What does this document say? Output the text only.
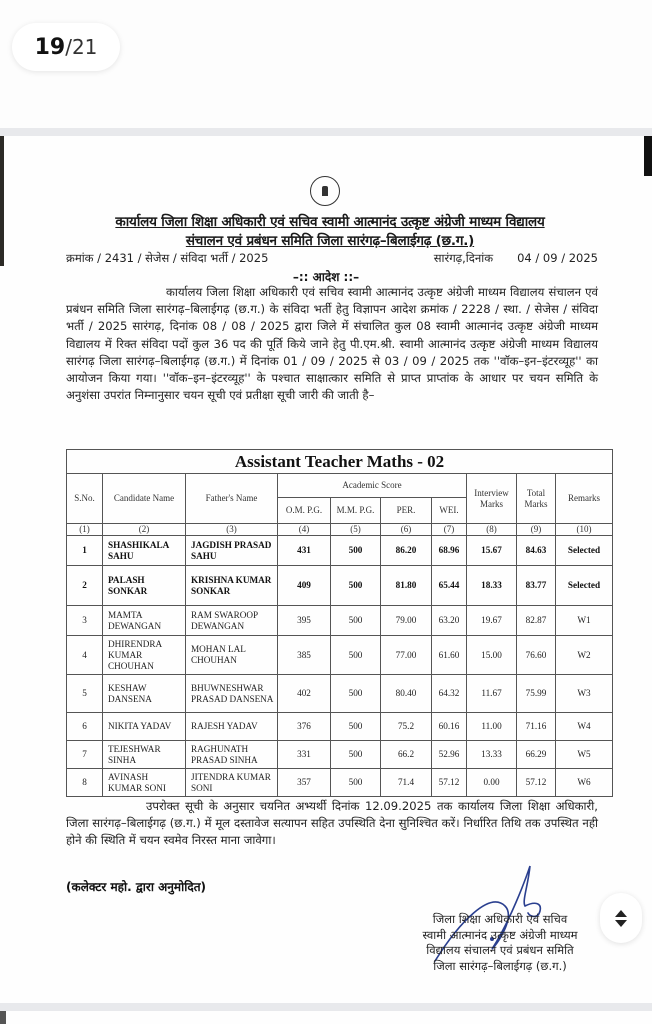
19 / 21
कार्यालय जिला शिक्षा अधिकारी एवं सचिव स्वामी आत्मानंद उत्कृष्ट अंग्रेजी माध्यम विद्यालय
संचालन एवं प्रबंधन समिति जिला सारंगढ़–बिलाईगढ़ (छ.ग.)
क्रमांक / 2431 / सेजेस / संविदा भर्ती / 2025	सारंगढ़,दिनांक 04 / 09 / 2025
–:: आदेश ::–
कार्यालय जिला शिक्षा अधिकारी एवं सचिव स्वामी आत्मानंद उत्कृष्ट अंग्रेजी माध्यम विद्यालय संचालन एवं प्रबंधन समिति जिला सारंगढ़–बिलाईगढ़ (छ.ग.) के संविदा भर्ती हेतु विज्ञापन आदेश क्रमांक / 2228 / स्था. / सेजेस / संविदा भर्ती / 2025 सारंगढ़, दिनांक 08 / 08 / 2025 द्वारा जिले में संचालित कुल 08 स्वामी आत्मानंद उत्कृष्ट अंग्रेजी माध्यम विद्यालय में रिक्त संविदा पदों कुल 36 पद की पूर्ति किये जाने हेतु पी.एम.श्री. स्वामी आत्मानंद उत्कृष्ट अंग्रेजी माध्यम विद्यालय सारंगढ़ जिला सारंगढ़–बिलाईगढ़ (छ.ग.) में दिनांक 01 / 09 / 2025 से 03 / 09 / 2025 तक ''वॉक–इन–इंटरव्यूह'' का आयोजन किया गया। ''वॉक–इन–इंटरव्यूह'' के पश्चात साक्षात्कार समिति से प्राप्त प्राप्तांक के आधार पर चयन समिति के अनुशंसा उपरांत निम्नानुसार चयन सूची एवं प्रतीक्षा सूची जारी की जाती है–
Assistant Teacher Maths - 02									
S.No.	Candidate Name	Father's Name	Academic Score				Interview Marks	Total Marks	Remarks
			O.M. P.G.	M.M. P.G.	PER.	WEI.			
(1)	(2)	(3)	(4)	(5)	(6)	(7)	(8)	(9)	(10)
1	SHASHIKALA SAHU	JAGDISH PRASAD SAHU	431	500	86.20	68.96	15.67	84.63	Selected
2	PALASH SONKAR	KRISHNA KUMAR SONKAR	409	500	81.80	65.44	18.33	83.77	Selected
3	MAMTA DEWANGAN	RAM SWAROOP DEWANGAN	395	500	79.00	63.20	19.67	82.87	W1
4	DHIRENDRA KUMAR CHOUHAN	MOHAN LAL CHOUHAN	385	500	77.00	61.60	15.00	76.60	W2
5	KESHAW DANSENA	BHUWNESHWAR PRASAD DANSENA	402	500	80.40	64.32	11.67	75.99	W3
6	NIKITA YADAV	RAJESH YADAV	376	500	75.2	60.16	11.00	71.16	W4
7	TEJESHWAR SINHA	RAGHUNATH PRASAD SINHA	331	500	66.2	52.96	13.33	66.29	W5
8	AVINASH KUMAR SONI	JITENDRA KUMAR SONI	357	500	71.4	57.12	0.00	57.12	W6
उपरोक्त सूची के अनुसार चयनित अभ्यर्थी दिनांक 12.09.2025 तक कार्यालय जिला शिक्षा अधिकारी, जिला सारंगढ़–बिलाईगढ़ (छ.ग.) में मूल दस्तावेज सत्यापन सहित उपस्थिति देना सुनिश्चित करें। निर्धारित तिथि तक उपस्थित नही होने की स्थिति में चयन स्वमेव निरस्त माना जावेगा।
(कलेक्टर महो. द्वारा अनुमोदित)
जिला शिक्षा अधिकारी एवं सचिव
स्वामी आत्मानंद उत्कृष्ट अंग्रेजी माध्यम
विद्यालय संचालन एवं प्रबंधन समिति
जिला सारंगढ़–बिलाईगढ़ (छ.ग.)
